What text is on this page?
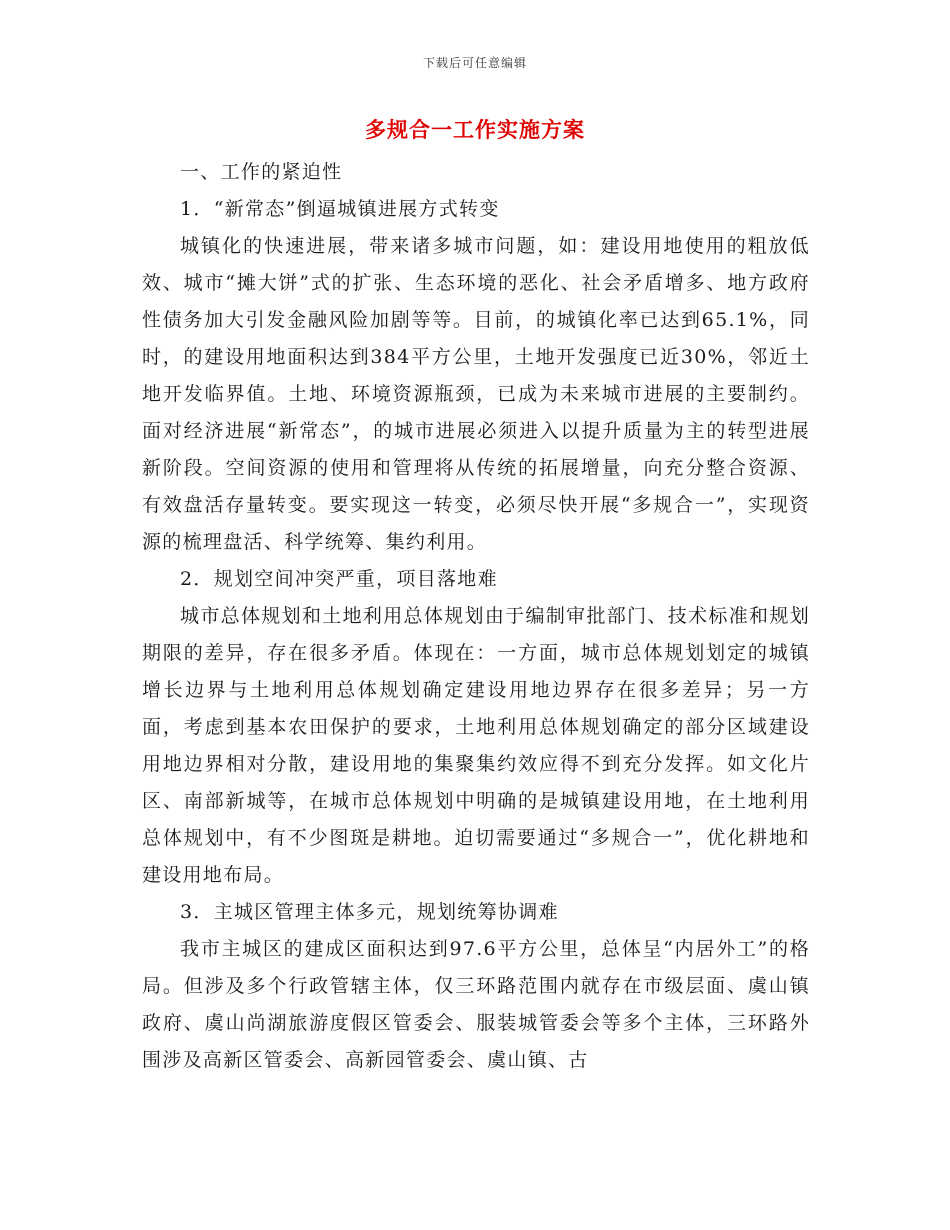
下载后可任意编辑
多规合一工作实施方案

一、工作的紧迫性

1．“新常态”倒逼城镇进展方式转变

城镇化的快速进展，带来诸多城市问题，如：建设用地使用的粗放低效、城市“摊大饼”式的扩张、生态环境的恶化、社会矛盾增多、地方政府性债务加大引发金融风险加剧等等。目前，的城镇化率已达到65.1%，同时，的建设用地面积达到384平方公里，土地开发强度已近30%，邻近土地开发临界值。土地、环境资源瓶颈，已成为未来城市进展的主要制约。面对经济进展“新常态”，的城市进展必须进入以提升质量为主的转型进展新阶段。空间资源的使用和管理将从传统的拓展增量，向充分整合资源、有效盘活存量转变。要实现这一转变，必须尽快开展“多规合一”，实现资源的梳理盘活、科学统筹、集约利用。

2．规划空间冲突严重，项目落地难

城市总体规划和土地利用总体规划由于编制审批部门、技术标准和规划期限的差异，存在很多矛盾。体现在：一方面，城市总体规划划定的城镇增长边界与土地利用总体规划确定建设用地边界存在很多差异；另一方面，考虑到基本农田保护的要求，土地利用总体规划确定的部分区域建设用地边界相对分散，建设用地的集聚集约效应得不到充分发挥。如文化片区、南部新城等，在城市总体规划中明确的是城镇建设用地，在土地利用总体规划中，有不少图斑是耕地。迫切需要通过“多规合一”，优化耕地和建设用地布局。

3．主城区管理主体多元，规划统筹协调难

我市主城区的建成区面积达到97.6平方公里，总体呈“内居外工”的格局。但涉及多个行政管辖主体，仅三环路范围内就存在市级层面、虞山镇政府、虞山尚湖旅游度假区管委会、服装城管委会等多个主体，三环路外围涉及高新区管委会、高新园管委会、虞山镇、古
